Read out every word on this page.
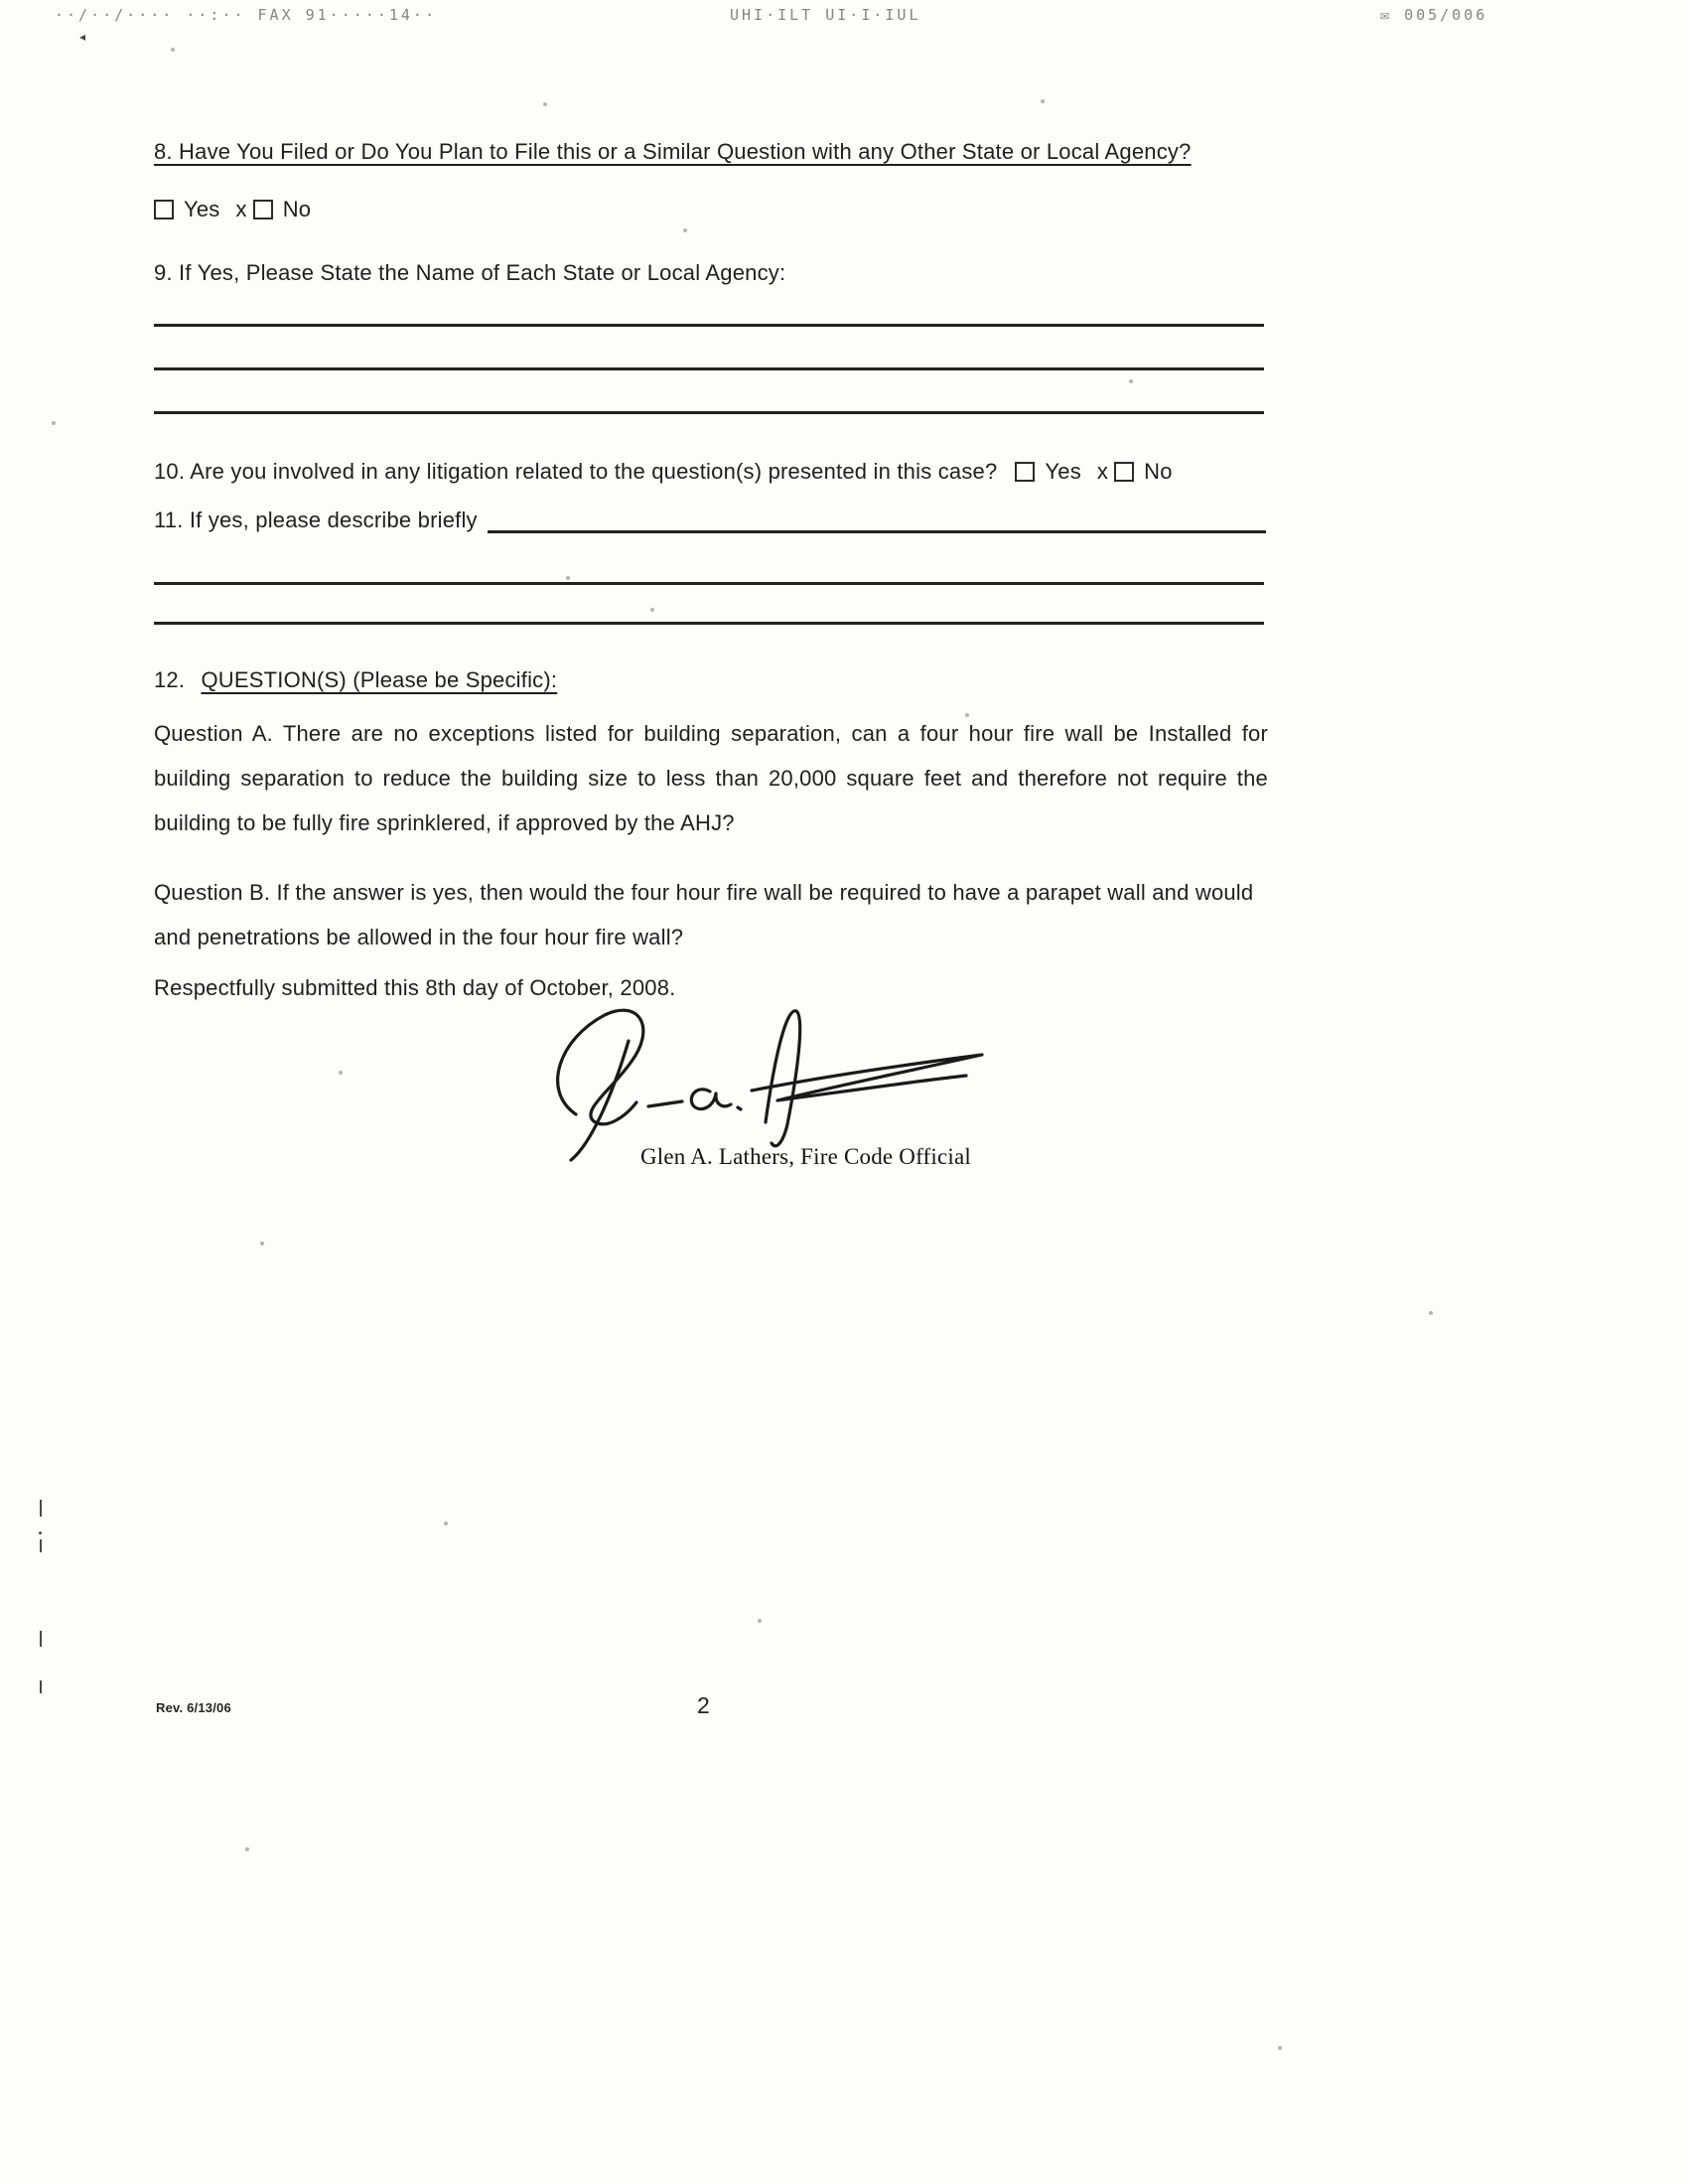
··/··/···· ··:·· FAX 91·····14··	UHI·ILT UI·I·IUL	✉ 005/006
◂
8. Have You Filed or Do You Plan to File this or a Similar Question with any Other State or Local Agency?
Yes x No
9. If Yes, Please State the Name of Each State or Local Agency:
10. Are you involved in any litigation related to the question(s) presented in this case? Yes x No
11. If yes, please describe briefly
12. QUESTION(S) (Please be Specific):
Question A. There are no exceptions listed for building separation, can a four hour fire wall be Installed for building separation to reduce the building size to less than 20,000 square feet and therefore not require the building to be fully fire sprinklered, if approved by the AHJ?
Question B. If the answer is yes, then would the four hour fire wall be required to have a parapet wall and would and penetrations be allowed in the four hour fire wall?
Respectfully submitted this 8th day of October, 2008.
Glen A. Lathers, Fire Code Official
Rev. 6/13/06	2
